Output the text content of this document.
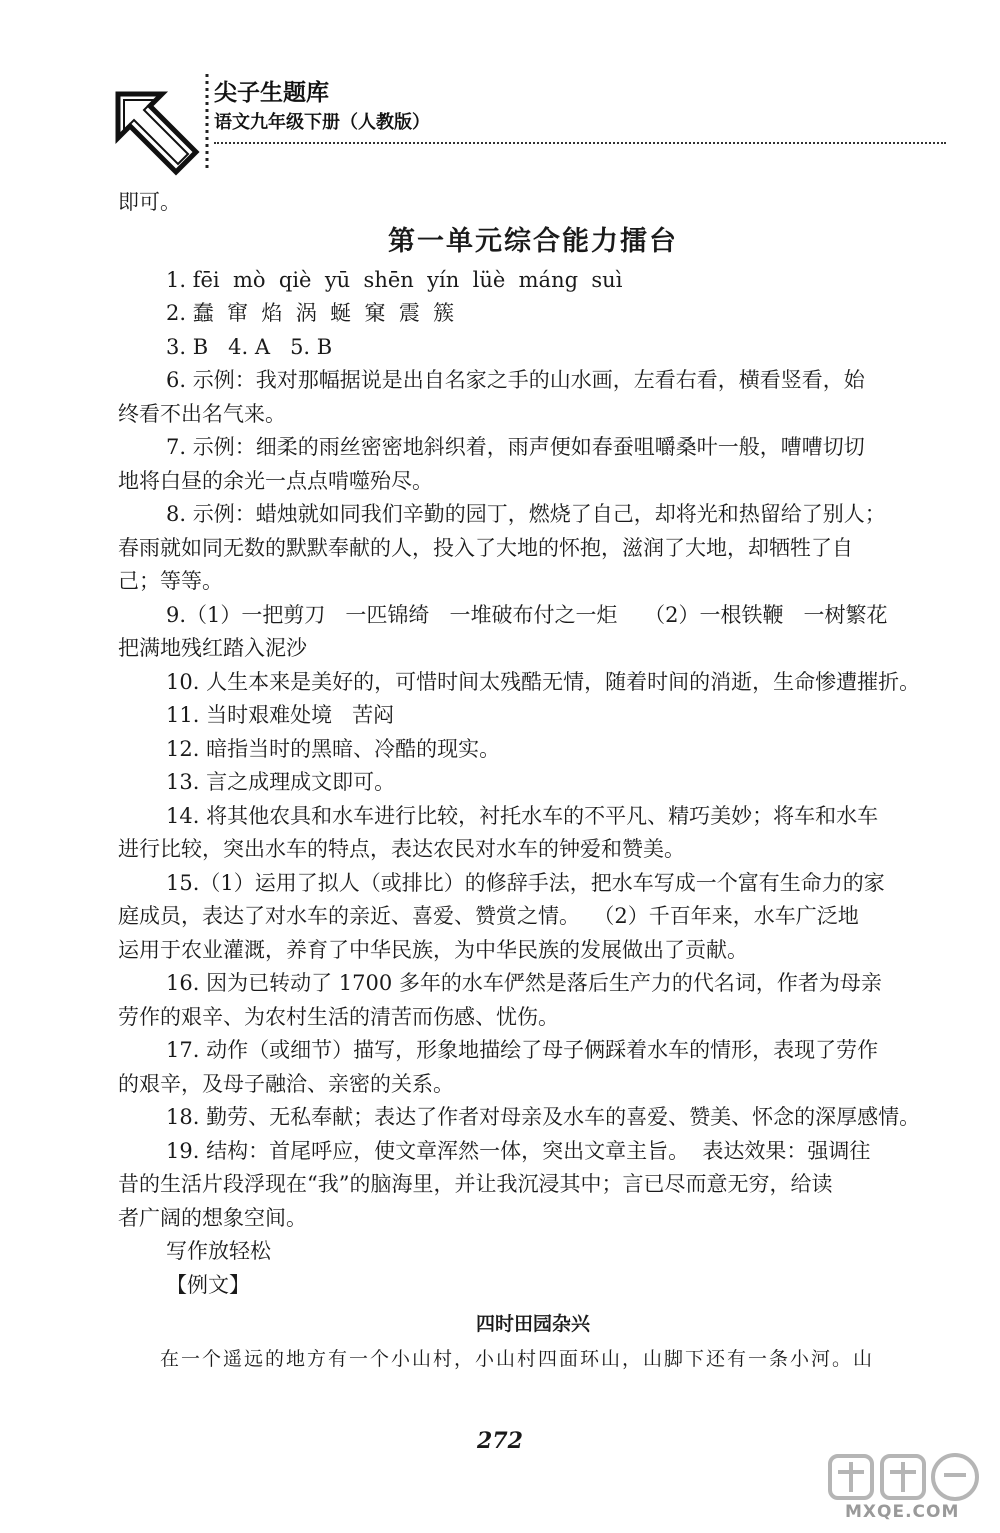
尖子生题库
语文九年级下册（人教版）
即可。
第一单元综合能力擂台
1. fēi  mò  qiè  yū  shēn  yín  lüè  máng  suì
2. 蠢  窜  焰  涡  蜒  窠  震  簇
3. B   4. A   5. B
6. 示例：我对那幅据说是出自名家之手的山水画，左看右看，横看竖看，始
终看不出名气来。
7. 示例：细柔的雨丝密密地斜织着，雨声便如春蚕咀嚼桑叶一般，嘈嘈切切
地将白昼的余光一点点啃噬殆尽。
8. 示例：蜡烛就如同我们辛勤的园丁，燃烧了自己，却将光和热留给了别人；
春雨就如同无数的默默奉献的人，投入了大地的怀抱，滋润了大地，却牺牲了自
己；等等。
9.（1）一把剪刀   一匹锦绮   一堆破布付之一炬    （2）一根铁鞭   一树繁花
把满地残红踏入泥沙
10. 人生本来是美好的，可惜时间太残酷无情，随着时间的消逝，生命惨遭摧折。
11. 当时艰难处境   苦闷
12. 暗指当时的黑暗、冷酷的现实。
13. 言之成理成文即可。
14. 将其他农具和水车进行比较，衬托水车的不平凡、精巧美妙；将车和水车
进行比较，突出水车的特点，表达农民对水车的钟爱和赞美。
15.（1）运用了拟人（或排比）的修辞手法，把水车写成一个富有生命力的家
庭成员，表达了对水车的亲近、喜爱、赞赏之情。  （2）千百年来，水车广泛地
运用于农业灌溉，养育了中华民族，为中华民族的发展做出了贡献。
16. 因为已转动了 1700 多年的水车俨然是落后生产力的代名词，作者为母亲
劳作的艰辛、为农村生活的清苦而伤感、忧伤。
17. 动作（或细节）描写，形象地描绘了母子俩踩着水车的情形，表现了劳作
的艰辛，及母子融洽、亲密的关系。
18. 勤劳、无私奉献；表达了作者对母亲及水车的喜爱、赞美、怀念的深厚感情。
19. 结构：首尾呼应，使文章浑然一体，突出文章主旨。  表达效果：强调往
昔的生活片段浮现在“我”的脑海里，并让我沉浸其中；言已尽而意无穷，给读
者广阔的想象空间。
写作放轻松
【例文】
四时田园杂兴
在一个遥远的地方有一个小山村，小山村四面环山，山脚下还有一条小河。山
272
MXQE.COM
